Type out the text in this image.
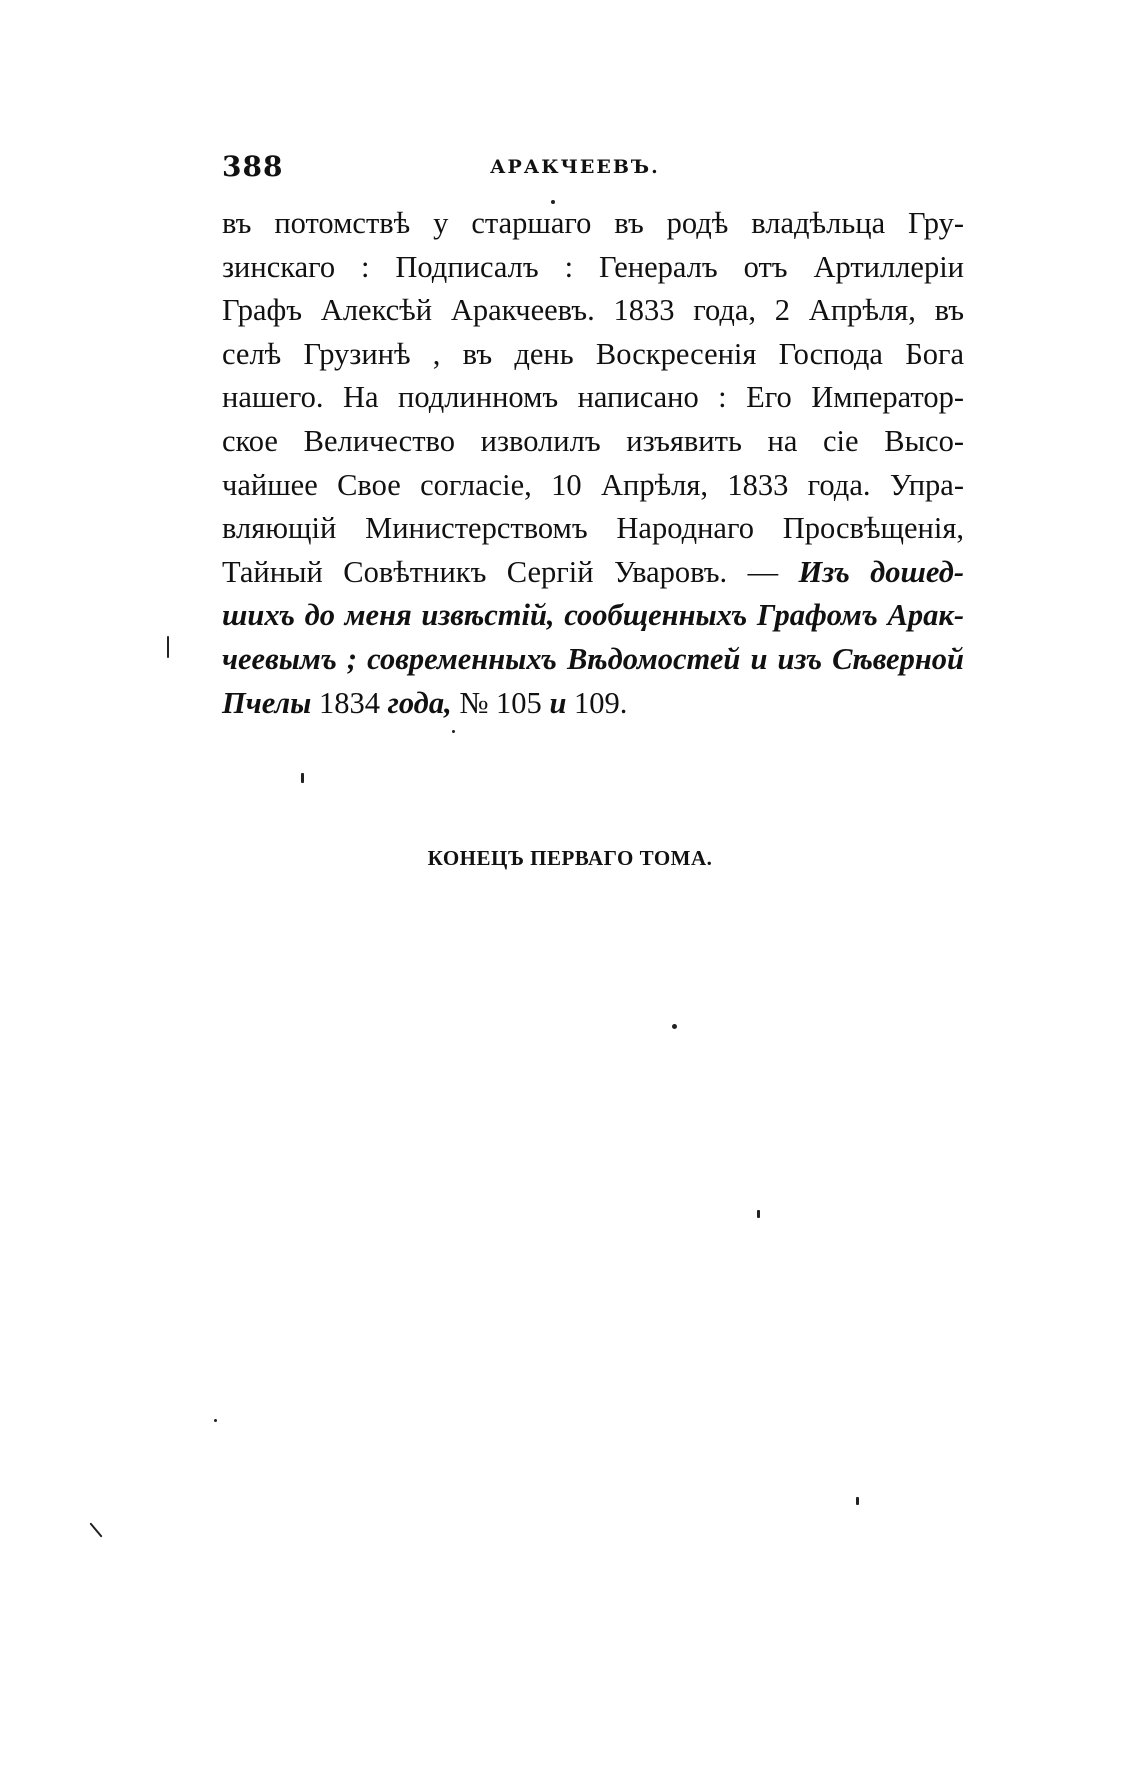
388	АРАКЧЕЕВЪ.
въ потомствѣ у старшаго въ родѣ владѣльца Гру-
зинскаго : Подписалъ : Генералъ отъ Артиллеріи
Графъ Алексѣй Аракчеевъ. 1833 года, 2 Апрѣля, въ
селѣ Грузинѣ , въ день Воскресенія Господа Бога
нашего. На подлинномъ написано : Его Император-
ское Величество изволилъ изъявить на сіе Высо-
чайшее Свое согласіе, 10 Апрѣля, 1833 года. Упра-
вляющій Министерствомъ Народнаго Просвѣщенія,
Тайный Совѣтникъ Сергій Уваровъ. — Изъ дошед-
шихъ до меня извѣстій, сообщенныхъ Графомъ Арак-
чеевымъ ; современныхъ Вѣдомостей и изъ Сѣверной
Пчелы 1834 года, № 105 и 109.
КОНЕЦЪ ПЕРВАГО ТОМА.
